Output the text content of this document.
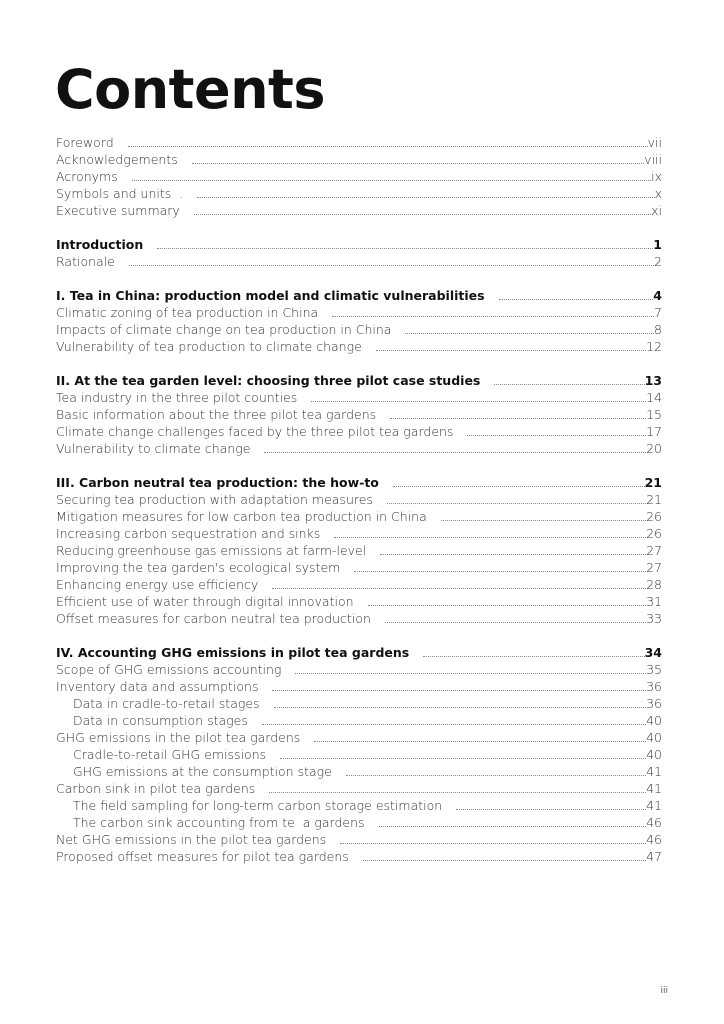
Contents
Foreword	vii
Acknowledgements	viii
Acronyms	ix
Symbols and units  .	x
Executive summary	xi
Introduction	1
Rationale	2
I. Tea in China: production model and climatic vulnerabilities	4
Climatic zoning of tea production in China	7
Impacts of climate change on tea production in China	8
Vulnerability of tea production to climate change	12
II. At the tea garden level: choosing three pilot case studies	13
Tea industry in the three pilot counties	14
Basic information about the three pilot tea gardens	15
Climate change challenges faced by the three pilot tea gardens	17
Vulnerability to climate change	20
III. Carbon neutral tea production: the how-to	21
Securing tea production with adaptation measures	21
Mitigation measures for low carbon tea production in China	26
Increasing carbon sequestration and sinks	26
Reducing greenhouse gas emissions at farm-level	27
Improving the tea garden's ecological system	27
Enhancing energy use efficiency	28
Efficient use of water through digital innovation	31
Offset measures for carbon neutral tea production	33
IV. Accounting GHG emissions in pilot tea gardens	34
Scope of GHG emissions accounting	35
Inventory data and assumptions	36
Data in cradle-to-retail stages	36
Data in consumption stages	40
GHG emissions in the pilot tea gardens	40
Cradle-to-retail GHG emissions	40
GHG emissions at the consumption stage	41
Carbon sink in pilot tea gardens	41
The field sampling for long-term carbon storage estimation	41
The carbon sink accounting from te  a gardens	46
Net GHG emissions in the pilot tea gardens	46
Proposed offset measures for pilot tea gardens	47
iii
